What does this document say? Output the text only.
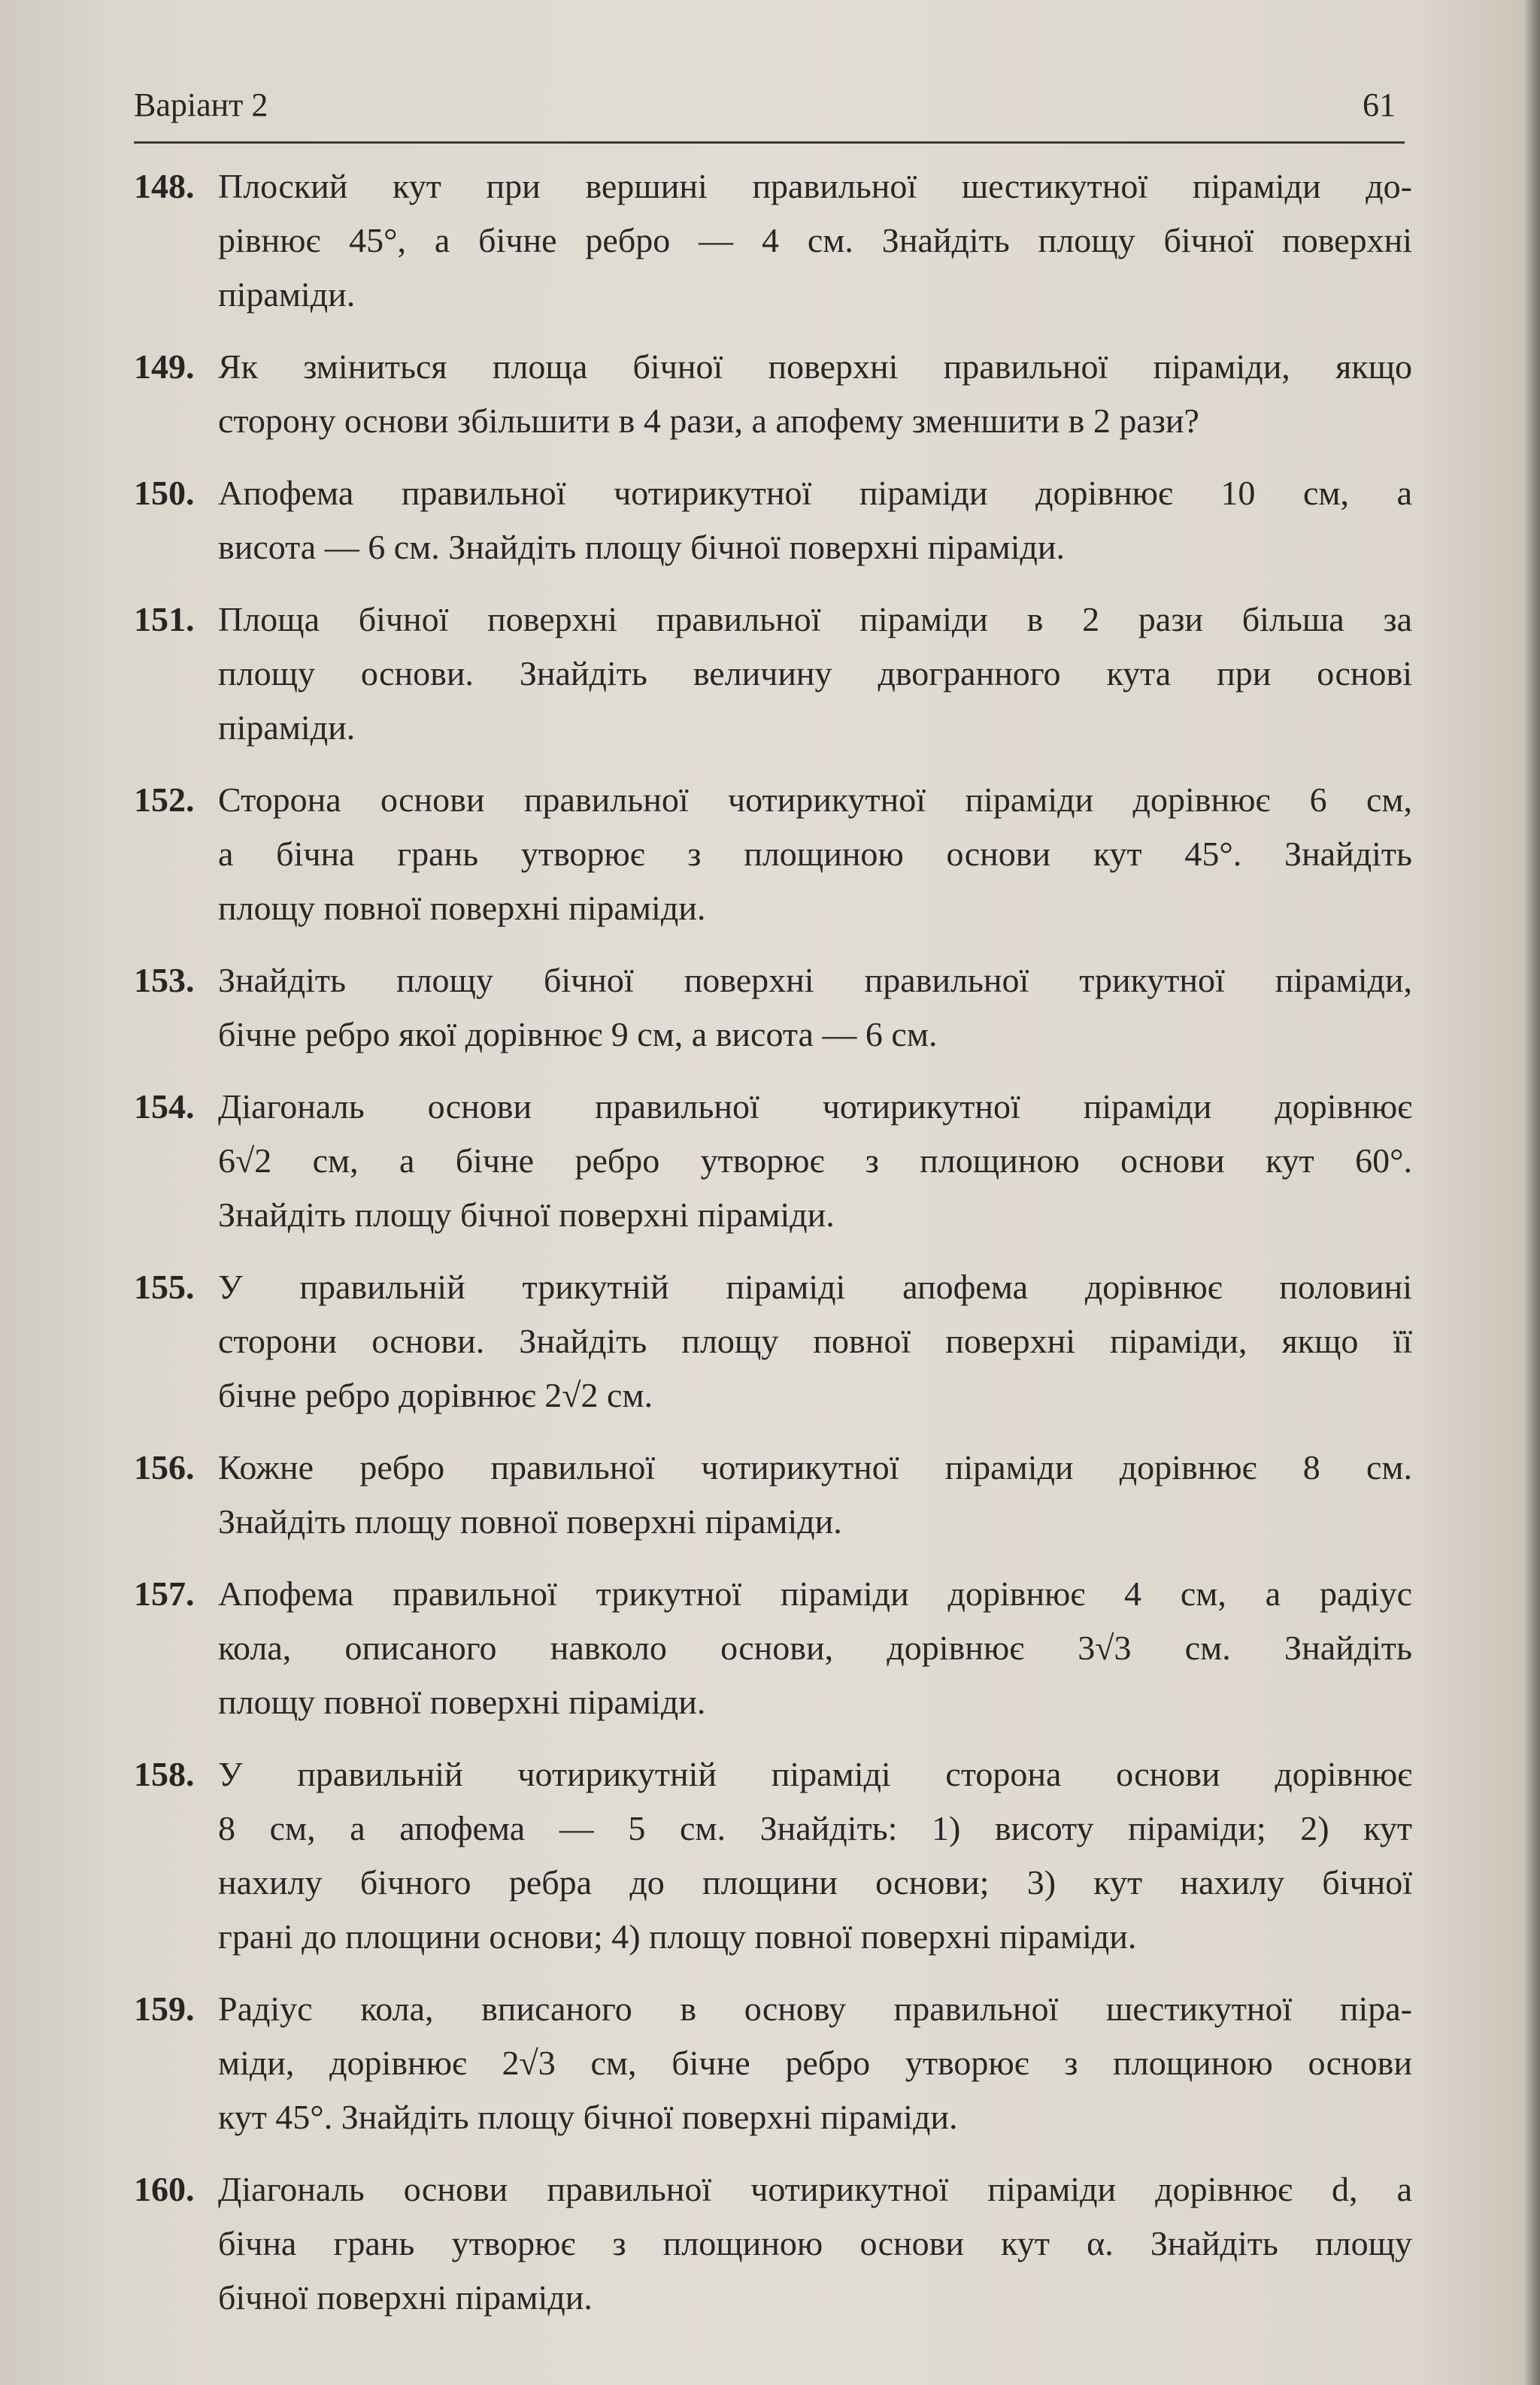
Варіант 2	61
148. Плоский кут при вершині правильної шестикутної піраміди до-
рівнює 45°, а бічне ребро — 4 см. Знайдіть площу бічної поверхні
піраміди.
149. Як зміниться площа бічної поверхні правильної піраміди, якщо
сторону основи збільшити в 4 рази, а апофему зменшити в 2 рази?
150. Апофема правильної чотирикутної піраміди дорівнює 10 см, а
висота — 6 см. Знайдіть площу бічної поверхні піраміди.
151. Площа бічної поверхні правильної піраміди в 2 рази більша за
площу основи. Знайдіть величину двогранного кута при основі
піраміди.
152. Сторона основи правильної чотирикутної піраміди дорівнює 6 см,
а бічна грань утворює з площиною основи кут 45°. Знайдіть
площу повної поверхні піраміди.
153. Знайдіть площу бічної поверхні правильної трикутної піраміди,
бічне ребро якої дорівнює 9 см, а висота — 6 см.
154. Діагональ основи правильної чотирикутної піраміди дорівнює
6√2 см, а бічне ребро утворює з площиною основи кут 60°.
Знайдіть площу бічної поверхні піраміди.
155. У правильній трикутній піраміді апофема дорівнює половині
сторони основи. Знайдіть площу повної поверхні піраміди, якщо її
бічне ребро дорівнює 2√2 см.
156. Кожне ребро правильної чотирикутної піраміди дорівнює 8 см.
Знайдіть площу повної поверхні піраміди.
157. Апофема правильної трикутної піраміди дорівнює 4 см, а радіус
кола, описаного навколо основи, дорівнює 3√3 см. Знайдіть
площу повної поверхні піраміди.
158. У правильній чотирикутній піраміді сторона основи дорівнює
8 см, а апофема — 5 см. Знайдіть: 1) висоту піраміди; 2) кут
нахилу бічного ребра до площини основи; 3) кут нахилу бічної
грані до площини основи; 4) площу повної поверхні піраміди.
159. Радіус кола, вписаного в основу правильної шестикутної піра-
міди, дорівнює 2√3 см, бічне ребро утворює з площиною основи
кут 45°. Знайдіть площу бічної поверхні піраміди.
160. Діагональ основи правильної чотирикутної піраміди дорівнює d, а
бічна грань утворює з площиною основи кут α. Знайдіть площу
бічної поверхні піраміди.
